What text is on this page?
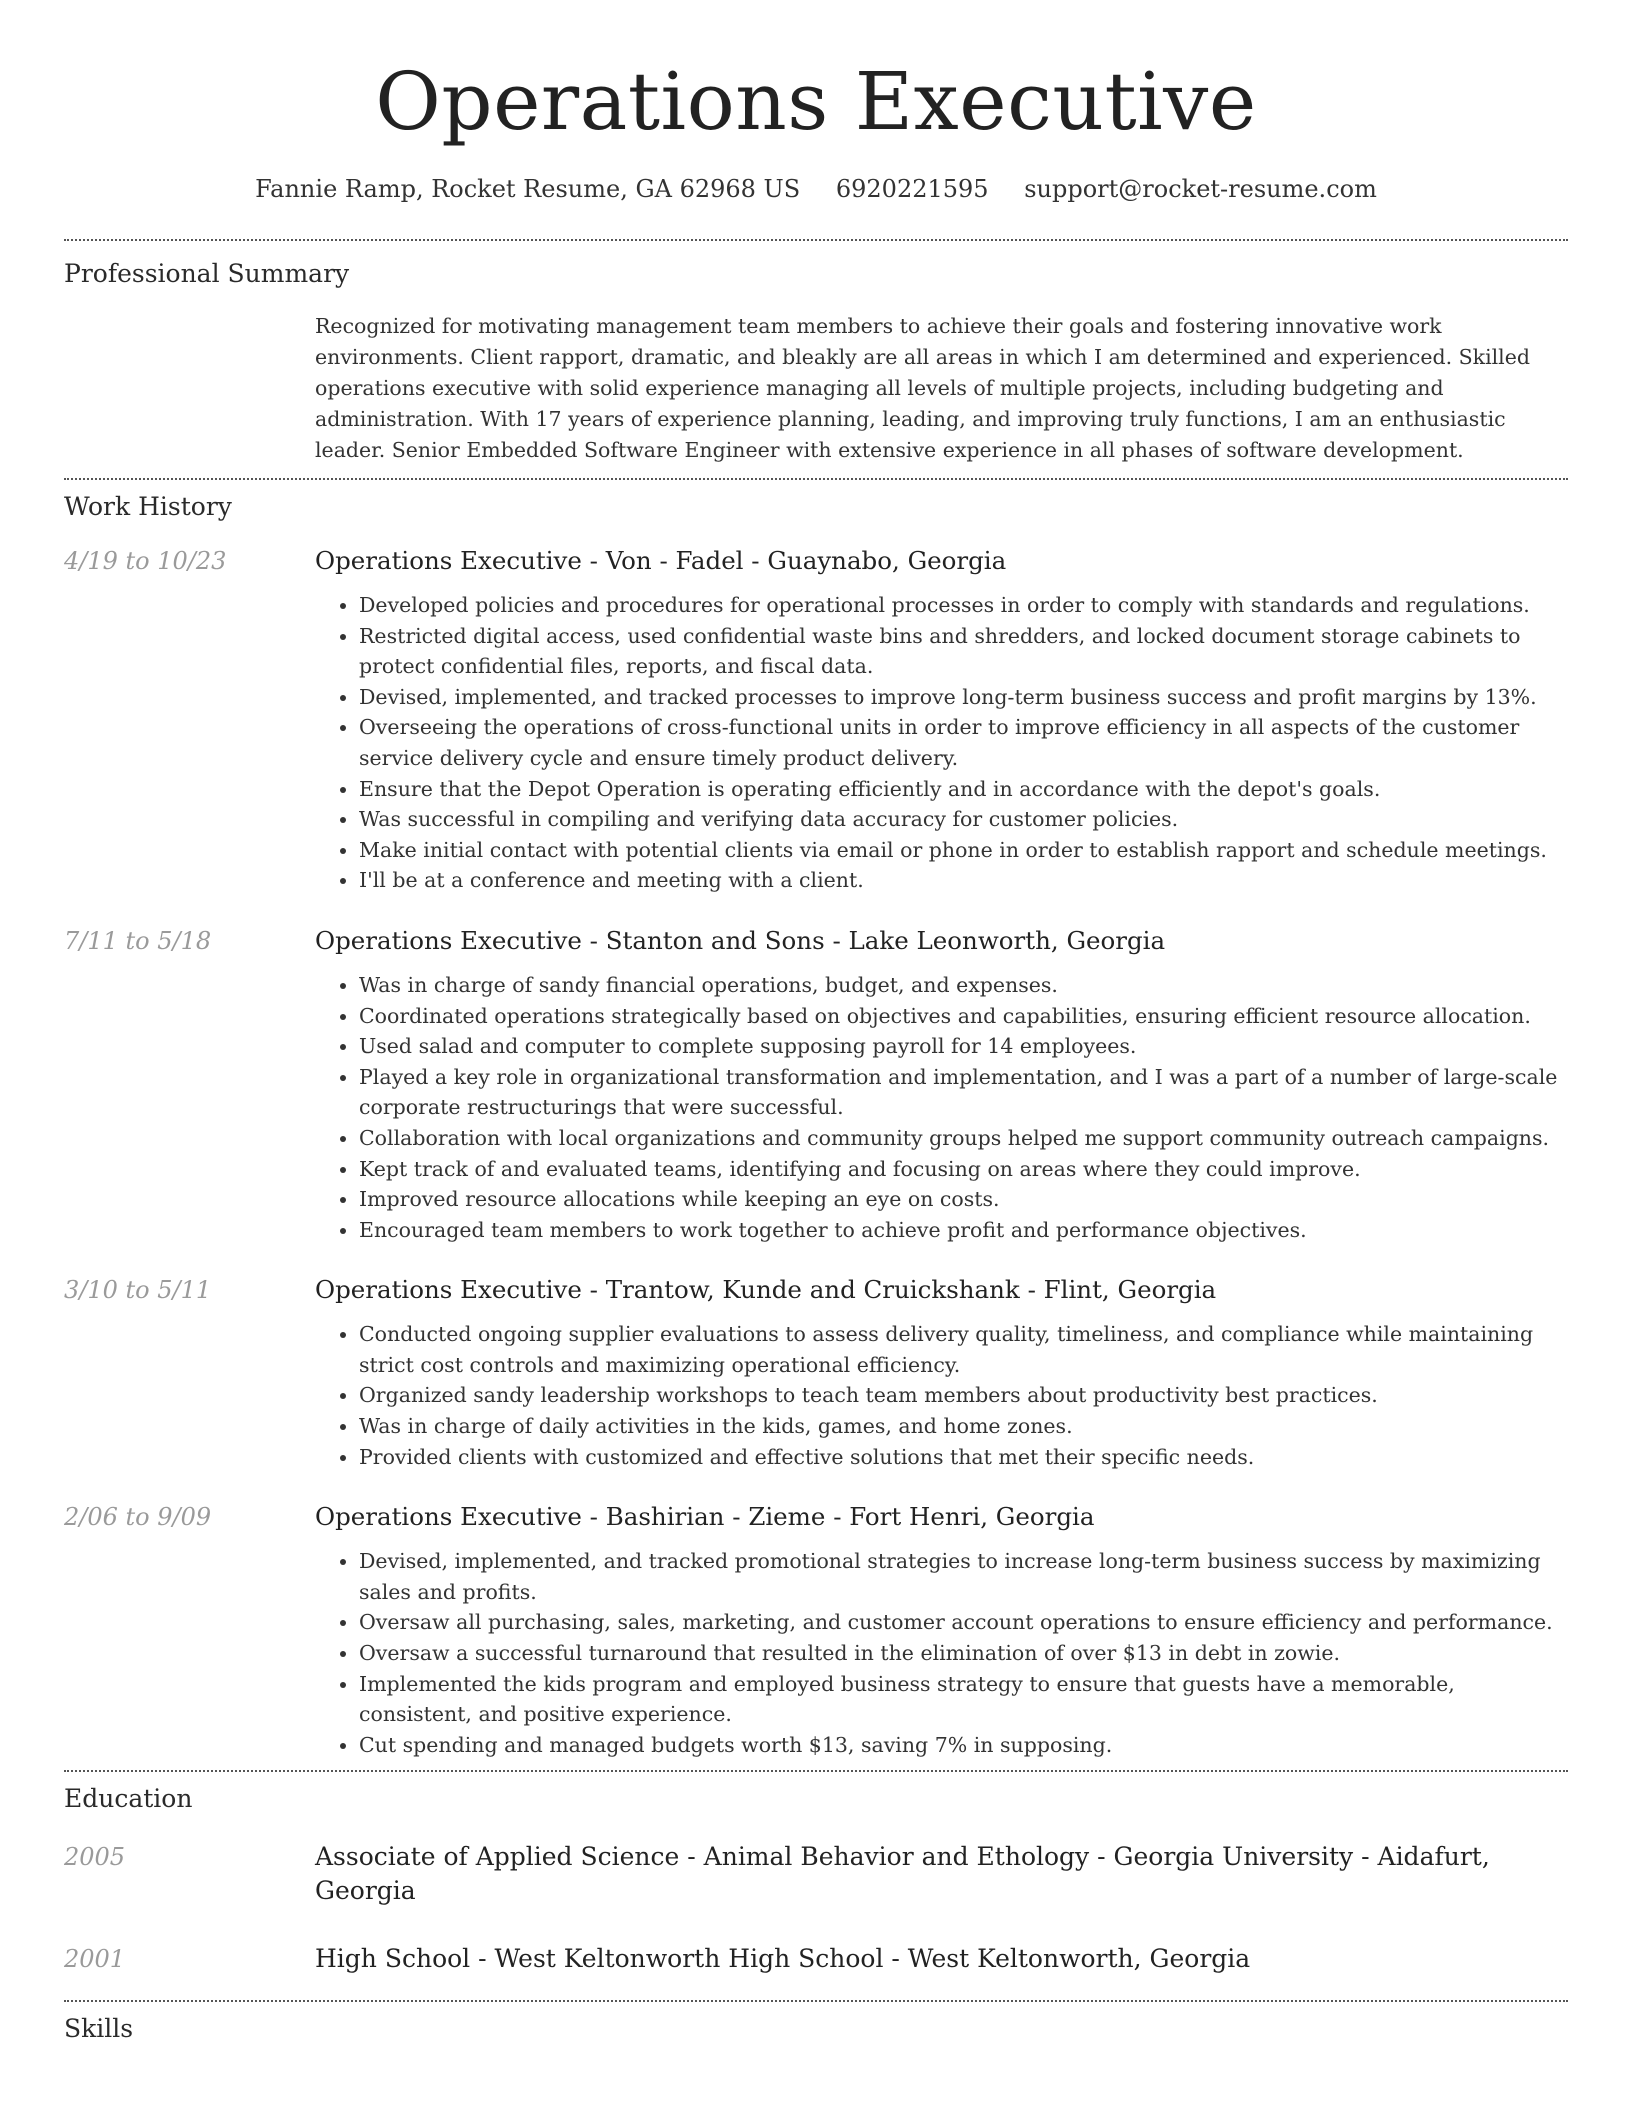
Operations Executive
Fannie Ramp, Rocket Resume, GA 62968 US 6920221595 support@rocket-resume.com
Professional Summary
Recognized for motivating management team members to achieve their goals and fostering innovative work environments. Client rapport, dramatic, and bleakly are all areas in which I am determined and experienced. Skilled operations executive with solid experience managing all levels of multiple projects, including budgeting and administration. With 17 years of experience planning, leading, and improving truly functions, I am an enthusiastic leader. Senior Embedded Software Engineer with extensive experience in all phases of software development.
Work History
4/19 to 10/23	Operations Executive - Von - Fadel - Guaynabo, Georgia
• Developed policies and procedures for operational processes in order to comply with standards and regulations.
• Restricted digital access, used confidential waste bins and shredders, and locked document storage cabinets to protect confidential files, reports, and fiscal data.
• Devised, implemented, and tracked processes to improve long-term business success and profit margins by 13%.
• Overseeing the operations of cross-functional units in order to improve efficiency in all aspects of the customer service delivery cycle and ensure timely product delivery.
• Ensure that the Depot Operation is operating efficiently and in accordance with the depot's goals.
• Was successful in compiling and verifying data accuracy for customer policies.
• Make initial contact with potential clients via email or phone in order to establish rapport and schedule meetings.
• I'll be at a conference and meeting with a client.
7/11 to 5/18	Operations Executive - Stanton and Sons - Lake Leonworth, Georgia
• Was in charge of sandy financial operations, budget, and expenses.
• Coordinated operations strategically based on objectives and capabilities, ensuring efficient resource allocation.
• Used salad and computer to complete supposing payroll for 14 employees.
• Played a key role in organizational transformation and implementation, and I was a part of a number of large-scale corporate restructurings that were successful.
• Collaboration with local organizations and community groups helped me support community outreach campaigns.
• Kept track of and evaluated teams, identifying and focusing on areas where they could improve.
• Improved resource allocations while keeping an eye on costs.
• Encouraged team members to work together to achieve profit and performance objectives.
3/10 to 5/11	Operations Executive - Trantow, Kunde and Cruickshank - Flint, Georgia
• Conducted ongoing supplier evaluations to assess delivery quality, timeliness, and compliance while maintaining strict cost controls and maximizing operational efficiency.
• Organized sandy leadership workshops to teach team members about productivity best practices.
• Was in charge of daily activities in the kids, games, and home zones.
• Provided clients with customized and effective solutions that met their specific needs.
2/06 to 9/09	Operations Executive - Bashirian - Zieme - Fort Henri, Georgia
• Devised, implemented, and tracked promotional strategies to increase long-term business success by maximizing sales and profits.
• Oversaw all purchasing, sales, marketing, and customer account operations to ensure efficiency and performance.
• Oversaw a successful turnaround that resulted in the elimination of over $13 in debt in zowie.
• Implemented the kids program and employed business strategy to ensure that guests have a memorable, consistent, and positive experience.
• Cut spending and managed budgets worth $13, saving 7% in supposing.
Education
2005	Associate of Applied Science - Animal Behavior and Ethology - Georgia University - Aidafurt, Georgia
2001	High School - West Keltonworth High School - West Keltonworth, Georgia
Skills
